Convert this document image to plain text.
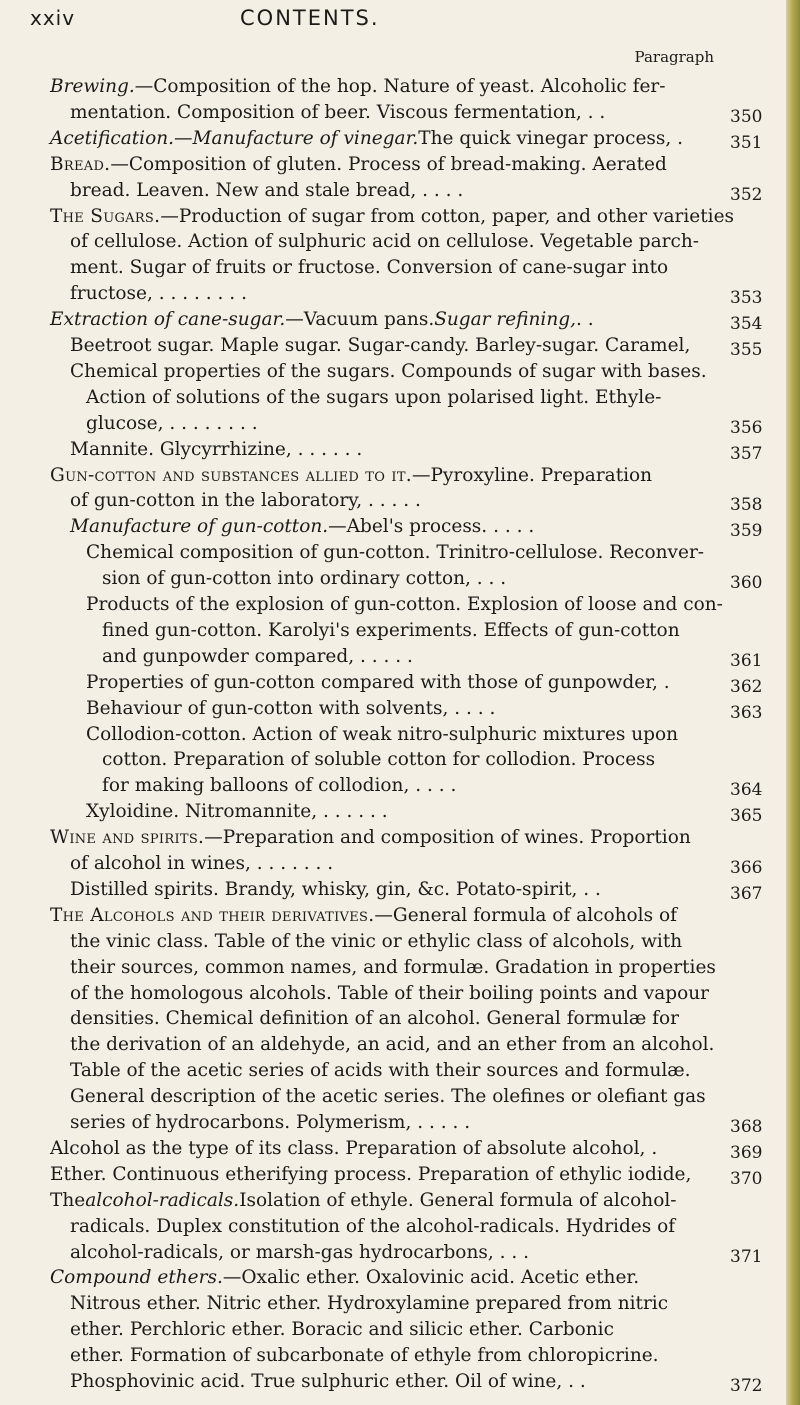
xxiv	CONTENTS.
Paragraph
Brewing.—Composition of the hop. Nature of yeast. Alcoholic fer-
mentation. Composition of beer. Viscous fermentation, . .
Acetification.—Manufacture of vinegar.The quick vinegar process, .
Bread.—Composition of gluten. Process of bread-making. Aerated
bread. Leaven. New and stale bread, . . . .
The Sugars.—Production of sugar from cotton, paper, and other varieties
of cellulose. Action of sulphuric acid on cellulose. Vegetable parch-
ment. Sugar of fruits or fructose. Conversion of cane-sugar into
fructose, . . . . . . . .
Extraction of cane-sugar.—Vacuum pans.Sugar refining,. .
Beetroot sugar. Maple sugar. Sugar-candy. Barley-sugar. Caramel,
Chemical properties of the sugars. Compounds of sugar with bases.
Action of solutions of the sugars upon polarised light. Ethyle-
glucose, . . . . . . . .
Mannite. Glycyrrhizine, . . . . . .
Gun-cotton and substances allied to it.—Pyroxyline. Preparation
of gun-cotton in the laboratory, . . . . .
Manufacture of gun-cotton.—Abel's process. . . . .
Chemical composition of gun-cotton. Trinitro-cellulose. Reconver-
sion of gun-cotton into ordinary cotton, . . .
Products of the explosion of gun-cotton. Explosion of loose and con-
fined gun-cotton. Karolyi's experiments. Effects of gun-cotton
and gunpowder compared, . . . . .
Properties of gun-cotton compared with those of gunpowder, .
Behaviour of gun-cotton with solvents, . . . .
Collodion-cotton. Action of weak nitro-sulphuric mixtures upon
cotton. Preparation of soluble cotton for collodion. Process
for making balloons of collodion, . . . .
Xyloidine. Nitromannite, . . . . . .
Wine and spirits.—Preparation and composition of wines. Proportion
of alcohol in wines, . . . . . . .
Distilled spirits. Brandy, whisky, gin, &c. Potato-spirit, . .
The Alcohols and their derivatives.—General formula of alcohols of
the vinic class. Table of the vinic or ethylic class of alcohols, with
their sources, common names, and formulæ. Gradation in properties
of the homologous alcohols. Table of their boiling points and vapour
densities. Chemical definition of an alcohol. General formulæ for
the derivation of an aldehyde, an acid, and an ether from an alcohol.
Table of the acetic series of acids with their sources and formulæ.
General description of the acetic series. The olefines or olefiant gas
series of hydrocarbons. Polymerism, . . . . .
Alcohol as the type of its class. Preparation of absolute alcohol, .
Ether. Continuous etherifying process. Preparation of ethylic iodide,
Thealcohol-radicals.Isolation of ethyle. General formula of alcohol-
radicals. Duplex constitution of the alcohol-radicals. Hydrides of
alcohol-radicals, or marsh-gas hydrocarbons, . . .
Compound ethers.—Oxalic ether. Oxalovinic acid. Acetic ether.
Nitrous ether. Nitric ether. Hydroxylamine prepared from nitric
ether. Perchloric ether. Boracic and silicic ether. Carbonic
ether. Formation of subcarbonate of ethyle from chloropicrine.
Phosphovinic acid. True sulphuric ether. Oil of wine, . .
350
351
352
353
354
355
356
357
358
359
360
361
362
363
364
365
366
367
368
369
370
371
372
